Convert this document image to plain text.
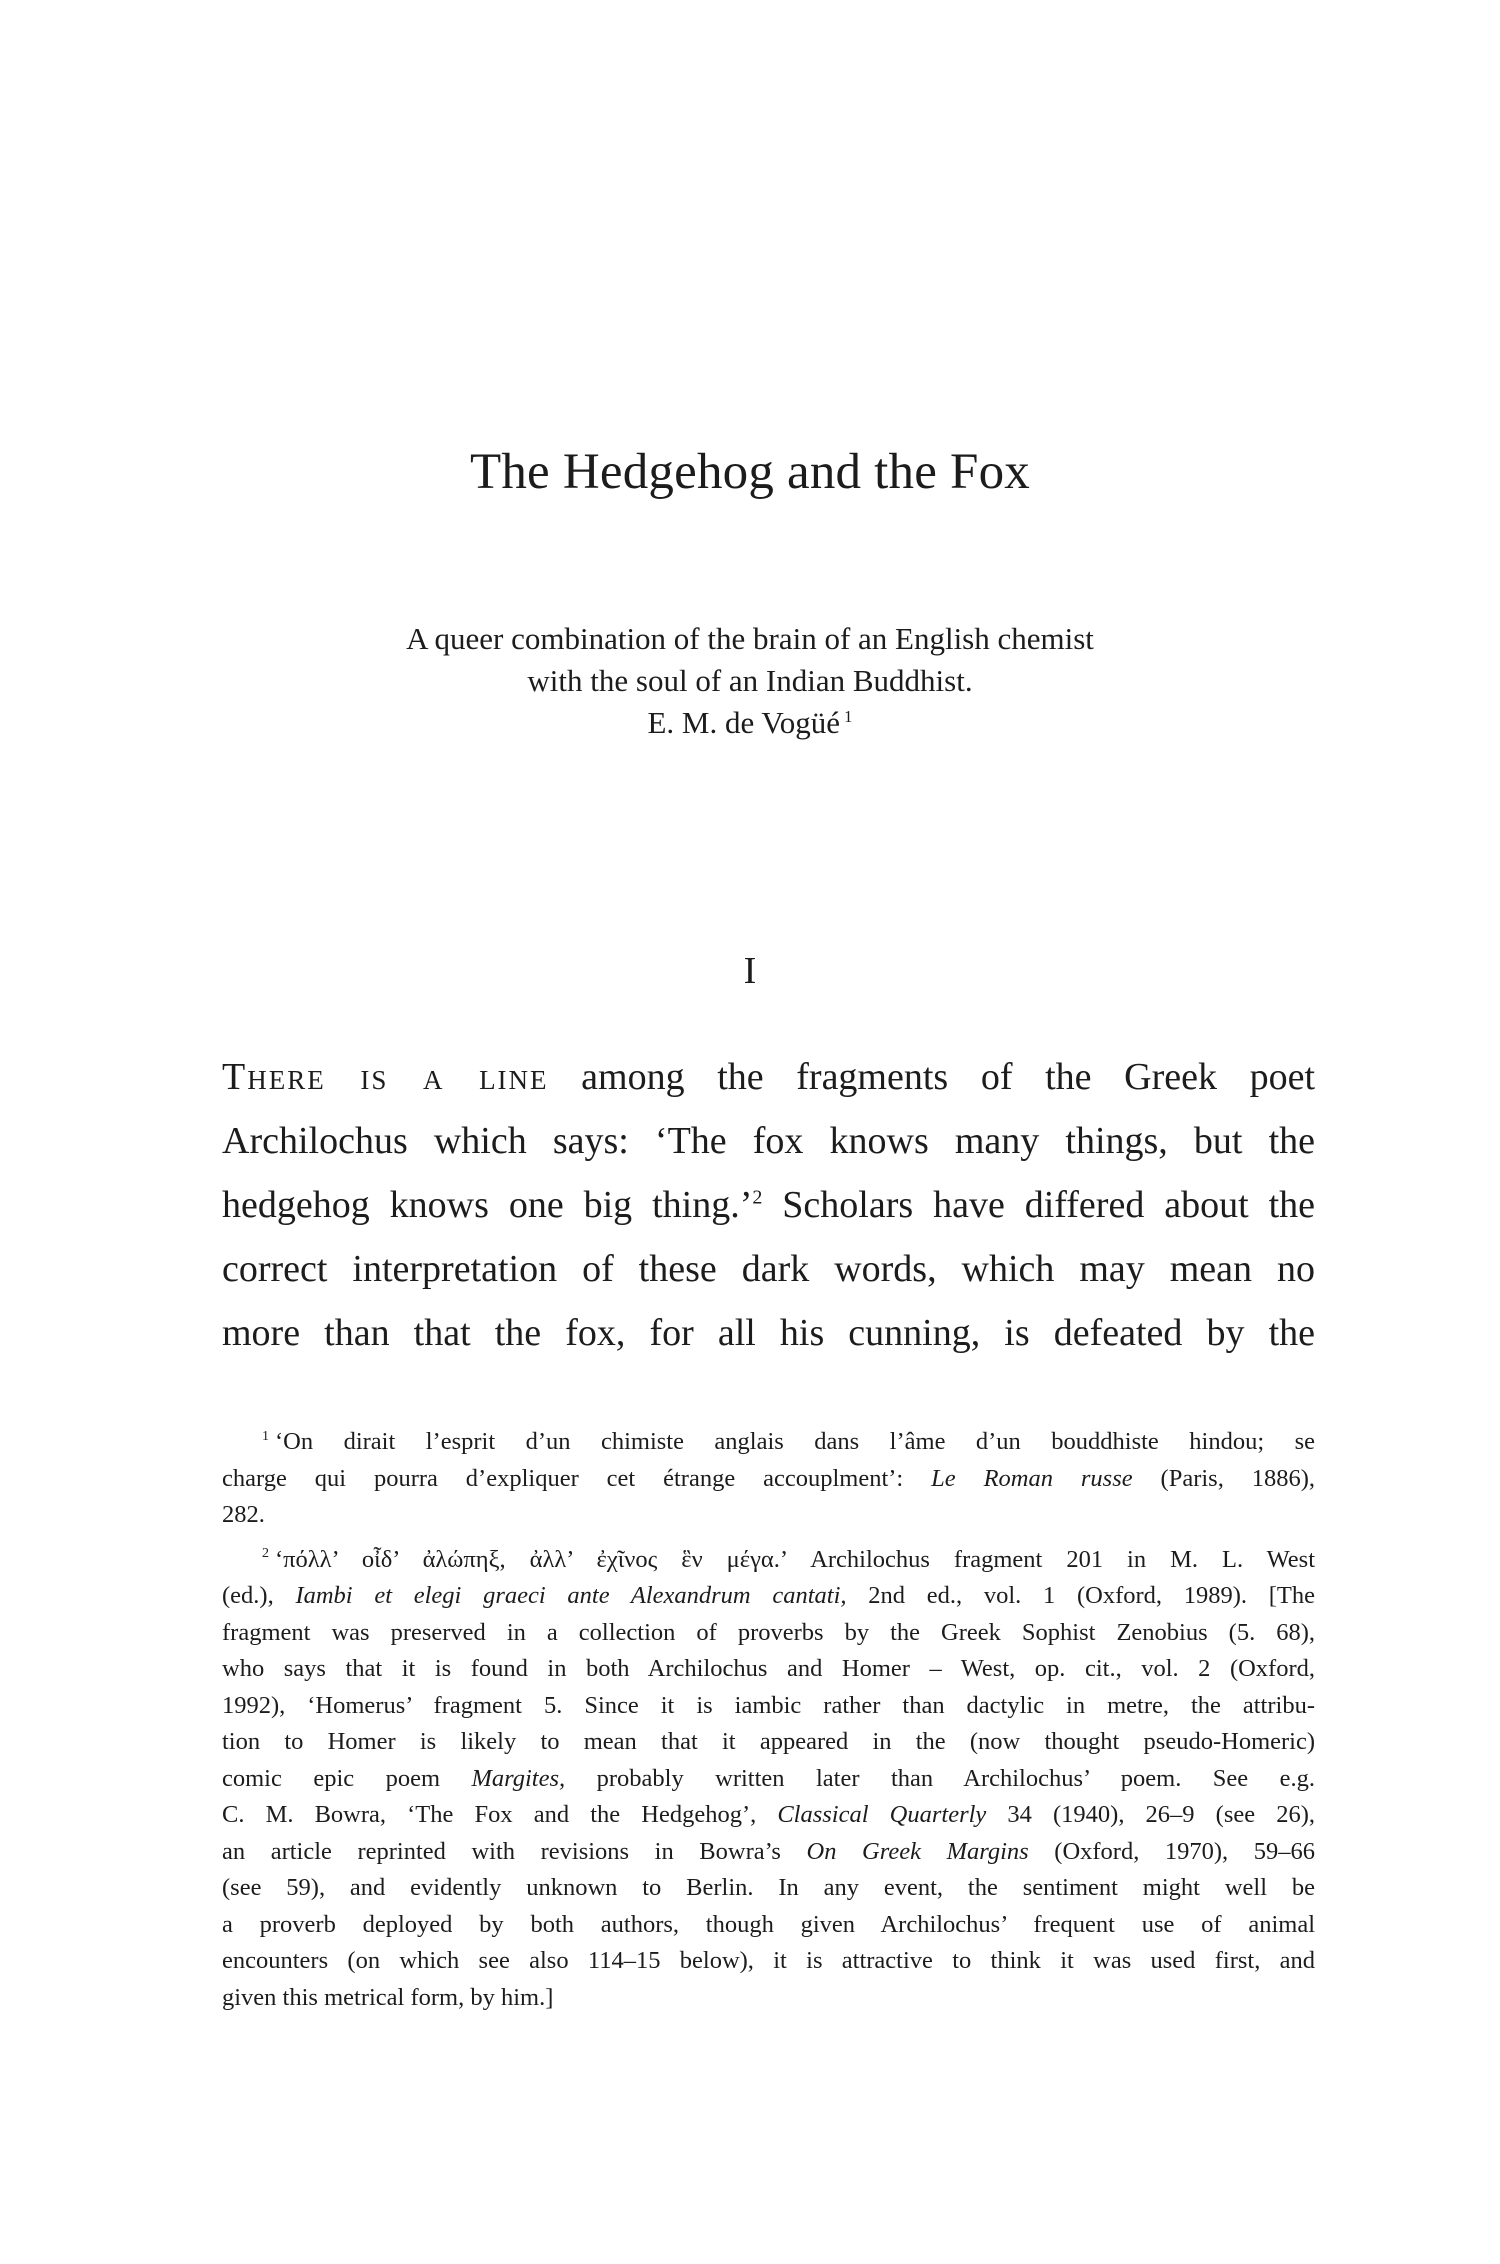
The Hedgehog and the Fox
A queer combination of the brain of an English chemist
with the soul of an Indian Buddhist.
E. M. de Vogüé $^1$
I
There is a line among the fragments of the Greek poet
Archilochus which says: ‘The fox knows many things, but the
hedgehog knows one big thing.’$^2$ Scholars have differed about the
correct interpretation of these dark words, which may mean no
more than that the fox, for all his cunning, is defeated by the
$^1$ ‘On dirait l’esprit d’un chimiste anglais dans l’âme d’un bouddhiste hindou; se
charge qui pourra d’expliquer cet étrange accouplment’: Le Roman russe (Paris, 1886),
282.
$^2$ ‘πόλλ’ οἶδ’ ἀλώπηξ, ἀλλ’ ἐχῖνος ἓν μέγα.’ Archilochus fragment 201 in M. L. West
(ed.), Iambi et elegi graeci ante Alexandrum cantati, 2nd ed., vol. 1 (Oxford, 1989). [The
fragment was preserved in a collection of proverbs by the Greek Sophist Zenobius (5. 68),
who says that it is found in both Archilochus and Homer – West, op. cit., vol. 2 (Oxford,
1992), ‘Homerus’ fragment 5. Since it is iambic rather than dactylic in metre, the attribu-
tion to Homer is likely to mean that it appeared in the (now thought pseudo-Homeric)
comic epic poem Margites, probably written later than Archilochus’ poem. See e.g.
C. M. Bowra, ‘The Fox and the Hedgehog’, Classical Quarterly 34 (1940), 26–9 (see 26),
an article reprinted with revisions in Bowra’s On Greek Margins (Oxford, 1970), 59–66
(see 59), and evidently unknown to Berlin. In any event, the sentiment might well be
a proverb deployed by both authors, though given Archilochus’ frequent use of animal
encounters (on which see also 114–15 below), it is attractive to think it was used first, and
given this metrical form, by him.]
